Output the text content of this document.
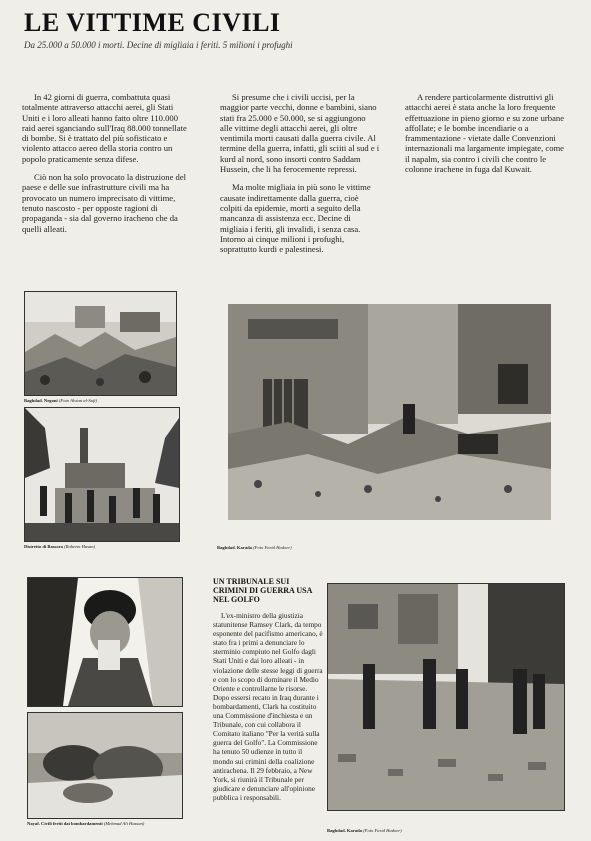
LE VITTIME CIVILI
Da 25.000 a 50.000 i morti. Decine di migliaia i feriti. 5 milioni i profughi

In 42 giorni di guerra, combattuta quasi totalmente attraverso attacchi aerei, gli Stati Uniti e i loro alleati hanno fatto oltre 110.000 raid aerei sganciando sull'Iraq 88.000 tonnellate di bombe. Si è trattato del più sofisticato e violento attacco aereo della storia contro un popolo praticamente senza difese.

Ciò non ha solo provocato la distruzione del paese e delle sue infrastrutture civili ma ha provocato un numero imprecisato di vittime, tenuto nascosto - per opposte ragioni di propaganda - sia dal governo iracheno che da quelli alleati.

Si presume che i civili uccisi, per la maggior parte vecchi, donne e bambini, siano stati fra 25.000 e 50.000, se si aggiungono alle vittime degli attacchi aerei, gli oltre ventimila morti causati dalla guerra civile. Al termine della guerra, infatti, gli sciiti al sud e i kurd al nord, sono insorti contro Saddam Hussein, che li ha ferocemente repressi.

Ma molte migliaia in più sono le vittime causate indirettamente dalla guerra, cioè colpiti da epidemie, morti a seguito della mancanza di assistenza ecc. Decine di migliaia i feriti, gli invalidi, i senza casa. Intorno ai cinque milioni i profughi, soprattutto kurdi e palestinesi.

A rendere particolarmente distruttivi gli attacchi aerei è stata anche la loro frequente effettuazione in pieno giorno e su zone urbane affollate; e le bombe incendiarie o a frammentazione - vietate dalle Convenzioni internazionali ma largamente impiegate, come il napalm, sia contro i civili che contro le colonne irachene in fuga dal Kuwait.

Baghdad. Negoni (Foto Alvian al-Sufi)
Distretto di Bassora (Raheem Hasan)	Baghdad. Karada (Foto Farid Hadoer)
Nayaf. Civili feriti dai bombardamenti (Mehmud Ali Hassan)
UN TRIBUNALE SUI CRIMINI DI GUERRA USA NEL GOLFO
L'ex-ministro della giustizia statunitense Ramsey Clark, da tempo esponente del pacifismo americano, è stato fra i primi a denunciare lo sterminio compiuto nel Golfo dagli Stati Uniti e dai loro alleati - in violazione delle stesse leggi di guerra e con lo scopo di dominare il Medio Oriente e controllarne le risorse. Dopo essersi recato in Iraq durante i bombardamenti, Clark ha costituito una Commissione d'inchiesta e un Tribunale, con cui collabora il Comitato italiano "Per la verità sulla guerra del Golfo". La Commissione ha tenuto 50 udienze in tutto il mondo sui crimini della coalizione antirachena. Il 29 febbraio, a New York, si riunirà il Tribunale per giudicare e denunciare all'opinione pubblica i responsabili.
Baghdad. Karada (Foto Farid Hadoer)
